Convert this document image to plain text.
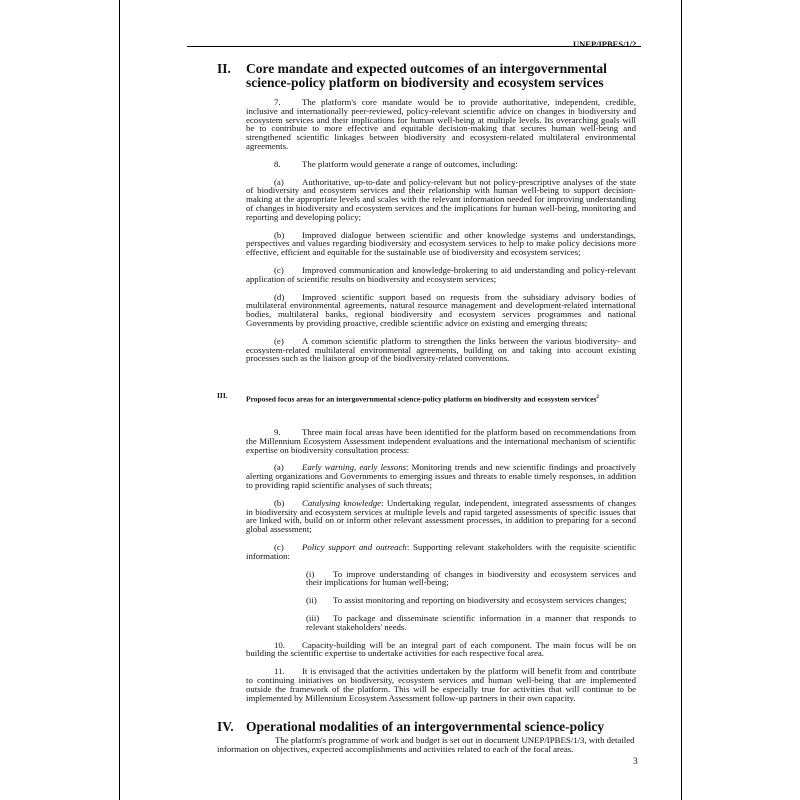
UNEP/IPBES/1/2
II. Core mandate and expected outcomes of an intergovernmental science-policy platform on biodiversity and ecosystem services

7. The platform's core mandate would be to provide authoritative, independent, credible, inclusive and internationally peer-reviewed, policy-relevant scientific advice on changes in biodiversity and ecosystem services and their implications for human well-being at multiple levels. Its overarching goals will be to contribute to more effective and equitable decision-making that secures human well-being and strengthened scientific linkages between biodiversity and ecosystem-related multilateral environmental agreements.

8. The platform would generate a range of outcomes, including:

(a) Authoritative, up-to-date and policy-relevant but not policy-prescriptive analyses of the state of biodiversity and ecosystem services and their relationship with human well-being to support decision-making at the appropriate levels and scales with the relevant information needed for improving understanding of changes in biodiversity and ecosystem services and the implications for human well-being, monitoring and reporting and developing policy;

(b) Improved dialogue between scientific and other knowledge systems and understandings, perspectives and values regarding biodiversity and ecosystem services to help to make policy decisions more effective, efficient and equitable for the sustainable use of biodiversity and ecosystem services;

(c) Improved communication and knowledge-brokering to aid understanding and policy-relevant application of scientific results on biodiversity and ecosystem services;

(d) Improved scientific support based on requests from the subsidiary advisory bodies of multilateral environmental agreements, natural resource management and development-related international bodies, multilateral banks, regional biodiversity and ecosystem services programmes and national Governments by providing proactive, credible scientific advice on existing and emerging threats;

(e) A common scientific platform to strengthen the links between the various biodiversity- and ecosystem-related multilateral environmental agreements, building on and taking into account existing processes such as the liaison group of the biodiversity-related conventions.

III. Proposed focus areas for an intergovernmental science-policy platform on biodiversity and ecosystem services$^2$

9. Three main focal areas have been identified for the platform based on recommendations from the Millennium Ecosystem Assessment independent evaluations and the international mechanism of scientific expertise on biodiversity consultation process:

(a) Early warning, early lessons: Monitoring trends and new scientific findings and proactively alerting organizations and Governments to emerging issues and threats to enable timely responses, in addition to providing rapid scientific analyses of such threats;

(b) Catalysing knowledge: Undertaking regular, independent, integrated assessments of changes in biodiversity and ecosystem services at multiple levels and rapid targeted assessments of specific issues that are linked with, build on or inform other relevant assessment processes, in addition to preparing for a second global assessment;

(c) Policy support and outreach: Supporting relevant stakeholders with the requisite scientific information:

(i) To improve understanding of changes in biodiversity and ecosystem services and their implications for human well-being;

(ii) To assist monitoring and reporting on biodiversity and ecosystem services changes;

(iii) To package and disseminate scientific information in a manner that responds to relevant stakeholders' needs.

10. Capacity-building will be an integral part of each component. The main focus will be on building the scientific expertise to undertake activities for each respective focal area.

11. It is envisaged that the activities undertaken by the platform will benefit from and contribute to continuing initiatives on biodiversity, ecosystem services and human well-being that are implemented outside the framework of the platform. This will be especially true for activities that will continue to be implemented by Millennium Ecosystem Assessment follow-up partners in their own capacity.

IV. Operational modalities of an intergovernmental science-policy
The platform's programme of work and budget is set out in document UNEP/IPBES/1/3, with detailed information on objectives, expected accomplishments and activities related to each of the focal areas.
3
